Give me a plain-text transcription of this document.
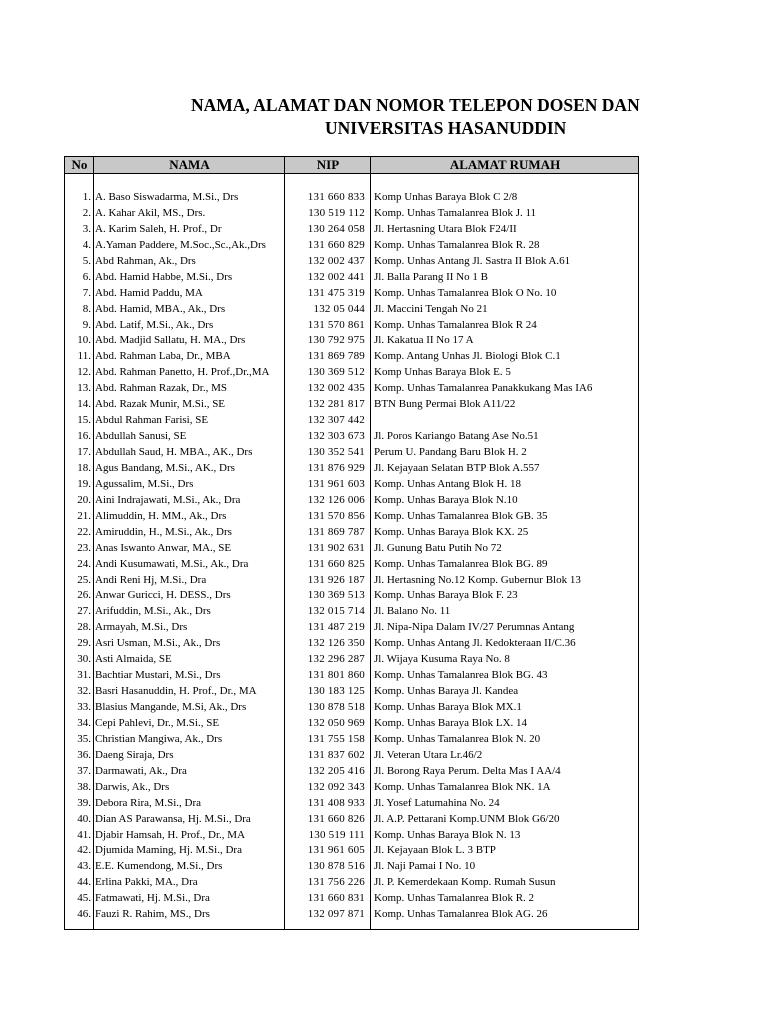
NAMA, ALAMAT DAN NOMOR TELEPON DOSEN DAN
UNIVERSITAS HASANUDDIN
No	NAMA	NIP	ALAMAT RUMAH
1. A. Baso Siswadarma, M.Si., Drs	131 660 833 Komp Unhas Baraya Blok C 2/8
2. A. Kahar Akil, MS., Drs.	130 519 112 Komp. Unhas Tamalanrea Blok J. 11
3. A. Karim Saleh, H. Prof., Dr	130 264 058 Jl. Hertasning Utara Blok F24/II
4. A.Yaman Paddere, M.Soc.,Sc.,Ak.,Drs	131 660 829 Komp. Unhas Tamalanrea Blok R. 28
5. Abd Rahman, Ak., Drs	132 002 437 Komp. Unhas Antang Jl. Sastra II Blok A.61
6. Abd. Hamid Habbe, M.Si., Drs	132 002 441 Jl. Balla Parang II No 1 B
7. Abd. Hamid Paddu, MA	131 475 319 Komp. Unhas Tamalanrea Blok O No. 10
8. Abd. Hamid, MBA., Ak., Drs	132 05 044 Jl. Maccini Tengah No 21
9. Abd. Latif, M.Si., Ak., Drs	131 570 861 Komp. Unhas Tamalanrea Blok R 24
10. Abd. Madjid Sallatu, H. MA., Drs	130 792 975 Jl. Kakatua II No 17 A
11. Abd. Rahman Laba, Dr., MBA	131 869 789 Komp. Antang Unhas Jl. Biologi Blok C.1
12. Abd. Rahman Panetto, H. Prof.,Dr.,MA	130 369 512 Komp Unhas Baraya Blok E. 5
13. Abd. Rahman Razak, Dr., MS	132 002 435 Komp. Unhas Tamalanrea Panakkukang Mas IA6
14. Abd. Razak Munir, M.Si., SE	132 281 817 BTN Bung Permai Blok A11/22
15. Abdul Rahman Farisi, SE	132 307 442
16. Abdullah Sanusi, SE	132 303 673 Jl. Poros Kariango Batang Ase No.51
17. Abdullah Saud, H. MBA., AK., Drs	130 352 541 Perum U. Pandang Baru Blok H. 2
18. Agus Bandang, M.Si., AK., Drs	131 876 929 Jl. Kejayaan Selatan BTP Blok A.557
19. Agussalim, M.Si., Drs	131 961 603 Komp. Unhas Antang Blok H. 18
20. Aini Indrajawati, M.Si., Ak., Dra	132 126 006 Komp. Unhas Baraya Blok N.10
21. Alimuddin, H. MM., Ak., Drs	131 570 856 Komp. Unhas Tamalanrea Blok GB. 35
22. Amiruddin, H., M.Si., Ak., Drs	131 869 787 Komp. Unhas Baraya Blok KX. 25
23. Anas Iswanto Anwar, MA., SE	131 902 631 Jl. Gunung Batu Putih No 72
24. Andi Kusumawati, M.Si., Ak., Dra	131 660 825 Komp. Unhas Tamalanrea Blok BG. 89
25. Andi Reni Hj, M.Si., Dra	131 926 187 Jl. Hertasning No.12 Komp. Gubernur Blok 13
26. Anwar Guricci, H. DESS., Drs	130 369 513 Komp. Unhas Baraya Blok F. 23
27. Arifuddin, M.Si., Ak., Drs	132 015 714 Jl. Balano No. 11
28. Armayah, M.Si., Drs	131 487 219 Jl. Nipa-Nipa Dalam IV/27 Perumnas Antang
29. Asri Usman, M.Si., Ak., Drs	132 126 350 Komp. Unhas Antang Jl. Kedokteraan II/C.36
30. Asti Almaida, SE	132 296 287 Jl. Wijaya Kusuma Raya No. 8
31. Bachtiar Mustari, M.Si., Drs	131 801 860 Komp. Unhas Tamalanrea Blok BG. 43
32. Basri Hasanuddin, H. Prof., Dr., MA	130 183 125 Komp. Unhas Baraya Jl. Kandea
33. Blasius Mangande, M.Si, Ak., Drs	130 878 518 Komp. Unhas Baraya Blok MX.1
34. Cepi Pahlevi, Dr., M.Si., SE	132 050 969 Komp. Unhas Baraya Blok LX. 14
35. Christian Mangiwa, Ak., Drs	131 755 158 Komp. Unhas Tamalanrea Blok N. 20
36. Daeng Siraja, Drs	131 837 602 Jl. Veteran Utara Lr.46/2
37. Darmawati, Ak., Dra	132 205 416 Jl. Borong Raya Perum. Delta Mas I AA/4
38. Darwis, Ak., Drs	132 092 343 Komp. Unhas Tamalanrea Blok NK. 1A
39. Debora Rira, M.Si., Dra	131 408 933 Jl. Yosef Latumahina No. 24
40. Dian AS Parawansa, Hj. M.Si., Dra	131 660 826 Jl. A.P. Pettarani Komp.UNM Blok G6/20
41. Djabir Hamsah, H. Prof., Dr., MA	130 519 111 Komp. Unhas Baraya Blok N. 13
42. Djumida Maming, Hj. M.Si., Dra	131 961 605 Jl. Kejayaan Blok L. 3 BTP
43. E.E. Kumendong, M.Si., Drs	130 878 516 Jl. Naji Pamai I No. 10
44. Erlina Pakki, MA., Dra	131 756 226 Jl. P. Kemerdekaan Komp. Rumah Susun
45. Fatmawati, Hj. M.Si., Dra	131 660 831 Komp. Unhas Tamalanrea Blok R. 2
46. Fauzi R. Rahim, MS., Drs	132 097 871 Komp. Unhas Tamalanrea Blok AG. 26
